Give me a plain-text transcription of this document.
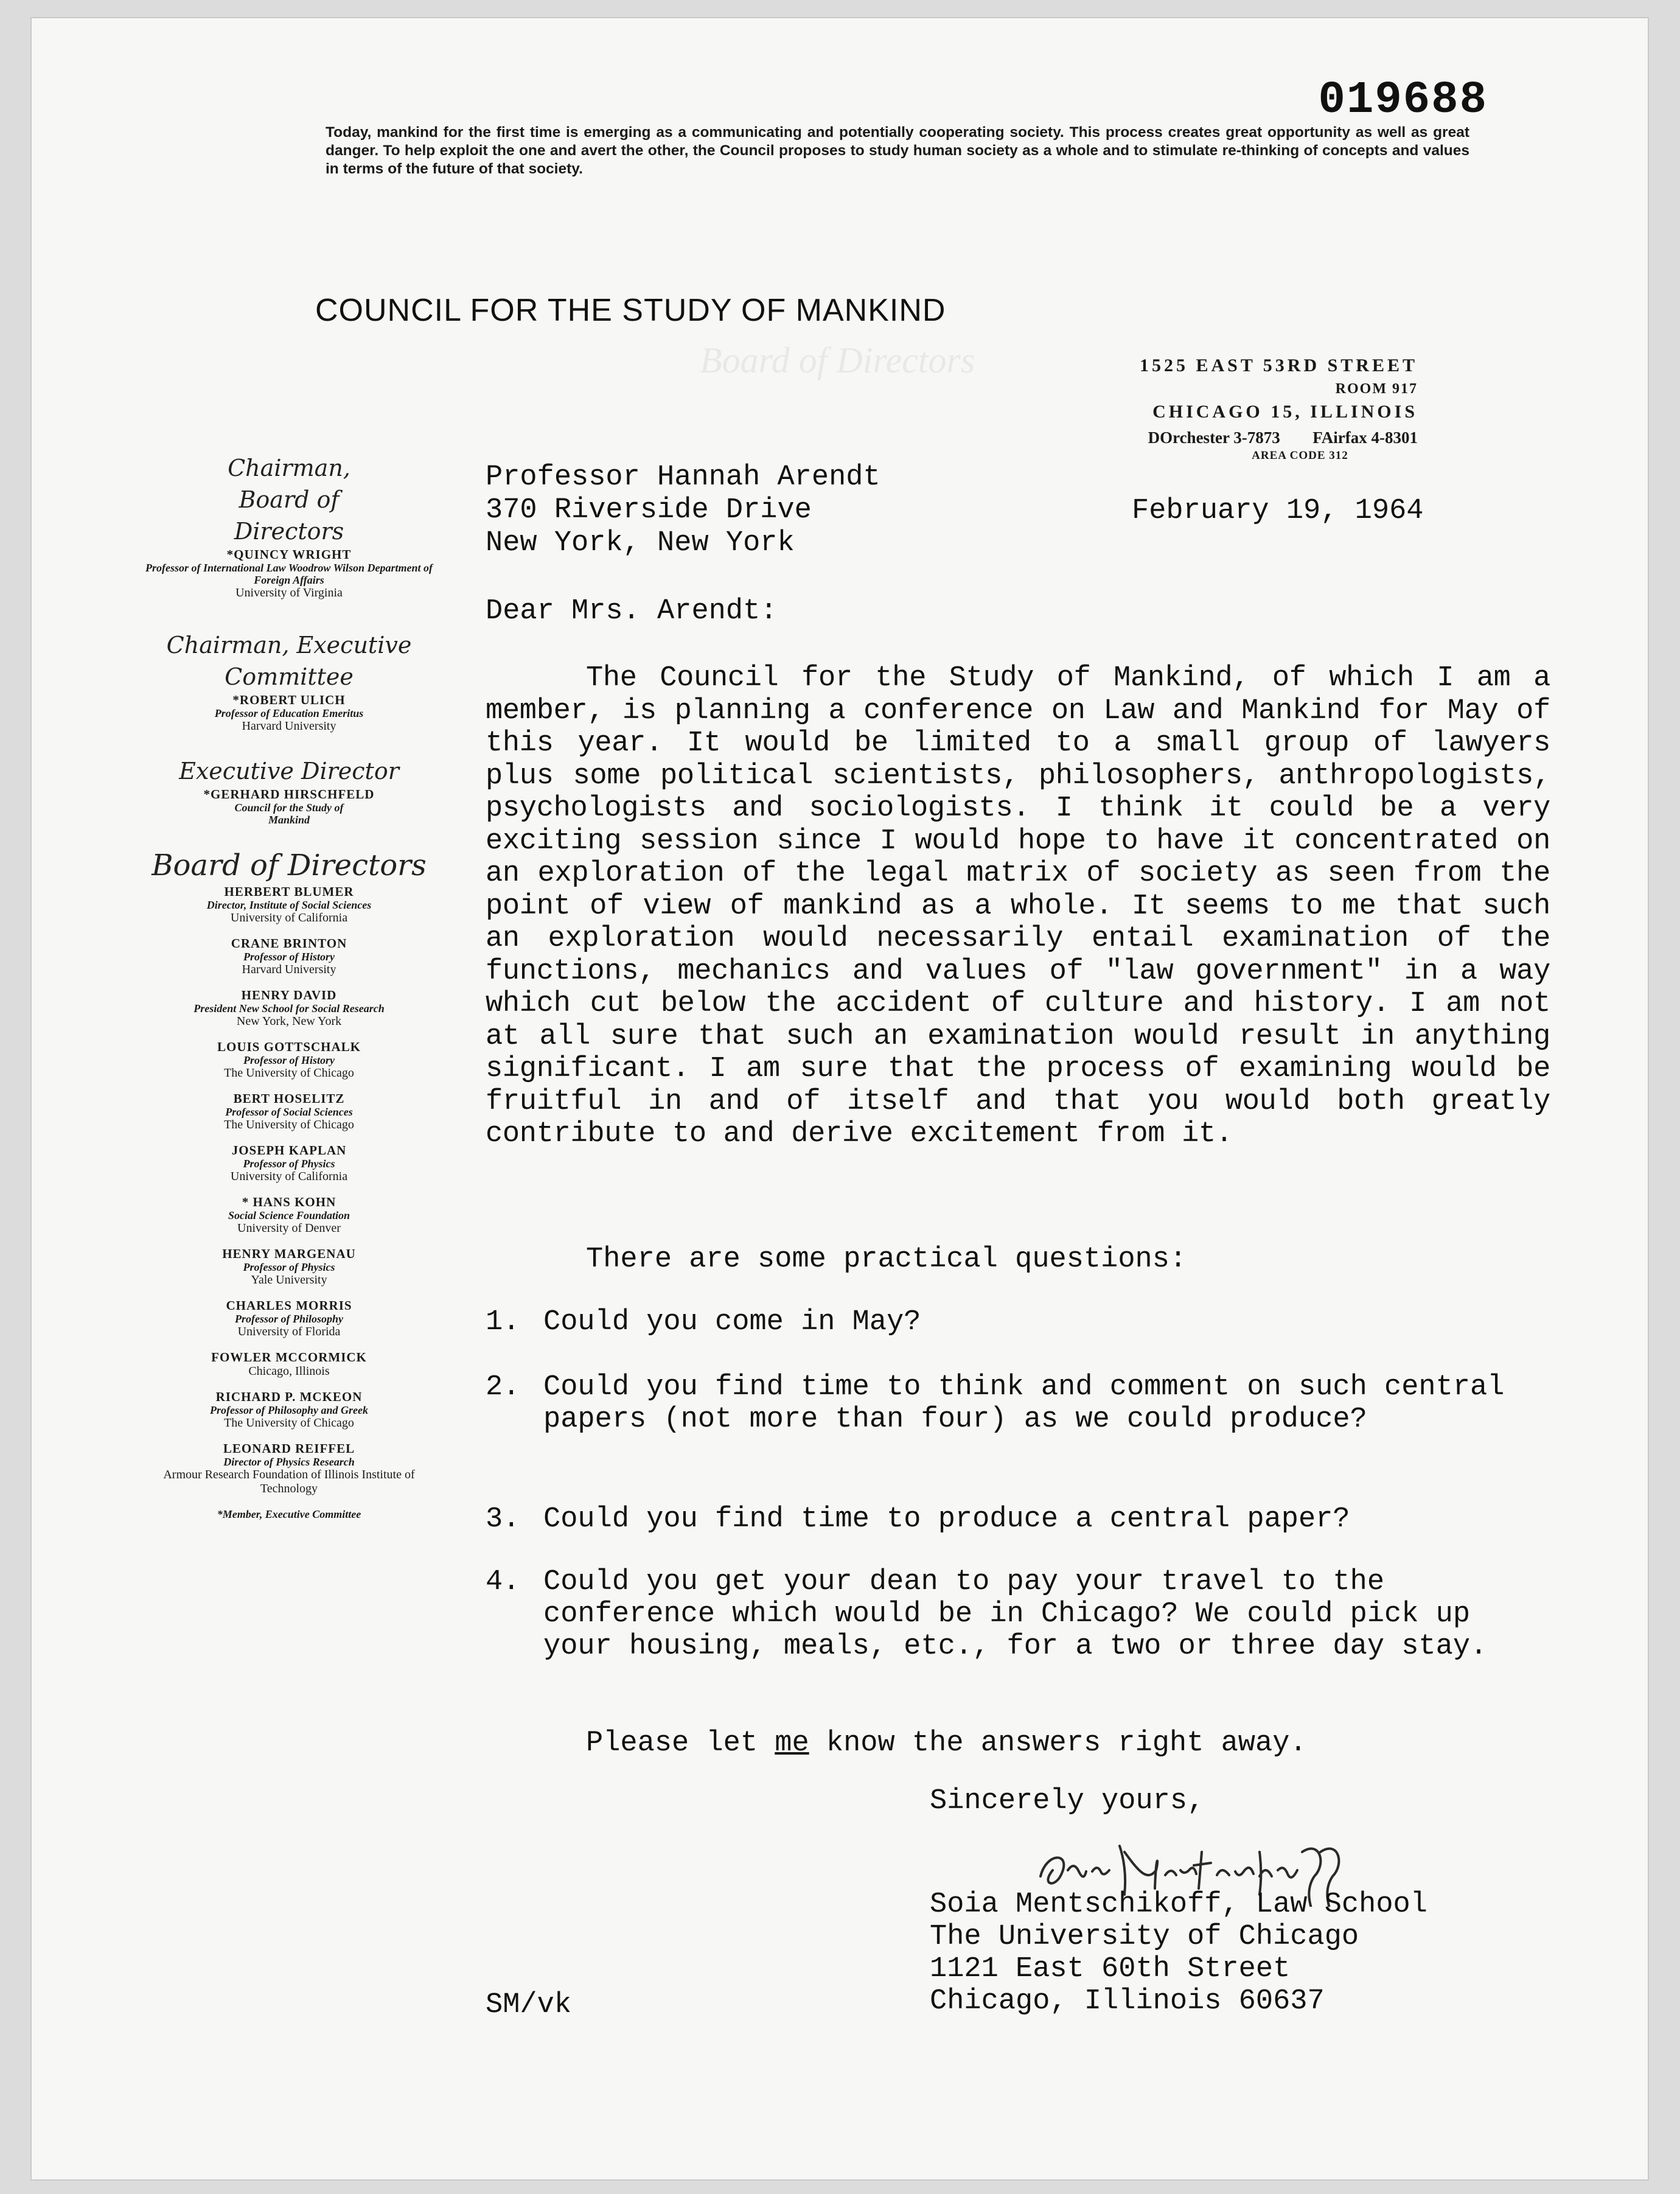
Board of Directors
019688
Today, mankind for the first time is emerging as a communicating and potentially cooperating society. This process creates great opportunity as well as great danger. To help exploit the one and avert the other, the Council proposes to study human society as a whole and to stimulate re-thinking of concepts and values in terms of the future of that society.
COUNCIL FOR THE STUDY OF MANKIND
1525 EAST 53RD STREET
ROOM 917
CHICAGO 15, ILLINOIS
DOrchester 3-7873 FAirfax 4-8301
AREA CODE 312
Chairman, Board of Directors
*QUINCY WRIGHT
Professor of International Law Woodrow Wilson Department of Foreign Affairs
University of Virginia
Chairman, Executive Committee
*ROBERT ULICH
Professor of Education Emeritus
Harvard University
Executive Director
*GERHARD HIRSCHFELD
Council for the Study of Mankind
Board of Directors
HERBERT BLUMER
Director, Institute of Social Sciences
University of California
CRANE BRINTON
Professor of History
Harvard University
HENRY DAVID
President New School for Social Research
New York, New York
LOUIS GOTTSCHALK
Professor of History
The University of Chicago
BERT HOSELITZ
Professor of Social Sciences
The University of Chicago
JOSEPH KAPLAN
Professor of Physics
University of California
* HANS KOHN
Social Science Foundation
University of Denver
HENRY MARGENAU
Professor of Physics
Yale University
CHARLES MORRIS
Professor of Philosophy
University of Florida
FOWLER MCCORMICK
Chicago, Illinois
RICHARD P. MCKEON
Professor of Philosophy and Greek
The University of Chicago
LEONARD REIFFEL
Director of Physics Research
Armour Research Foundation of Illinois Institute of Technology
*Member, Executive Committee
Professor Hannah Arendt
370 Riverside Drive
New York, New York
February 19, 1964
Dear Mrs. Arendt:
The Council for the Study of Mankind, of which I am a member, is planning a conference on Law and Mankind for May of this year. It would be limited to a small group of lawyers plus some political scientists, philosophers, anthropologists, psychologists and sociologists. I think it could be a very exciting session since I would hope to have it concentrated on an exploration of the legal matrix of society as seen from the point of view of mankind as a whole. It seems to me that such an exploration would necessarily entail examination of the functions, mechanics and values of "law government" in a way which cut below the accident of culture and history. I am not at all sure that such an examination would result in anything significant. I am sure that the process of examining would be fruitful in and of itself and that you would both greatly contribute to and derive excitement from it.
There are some practical questions:
1. Could you come in May?
2. Could you find time to think and comment on such central papers (not more than four) as we could produce?
3. Could you find time to produce a central paper?
4. Could you get your dean to pay your travel to the conference which would be in Chicago? We could pick up your housing, meals, etc., for a two or three day stay.
Please let me know the answers right away.
Sincerely yours,
Soia Mentschikoff, Law School
The University of Chicago
1121 East 60th Street
Chicago, Illinois 60637
SM/vk
